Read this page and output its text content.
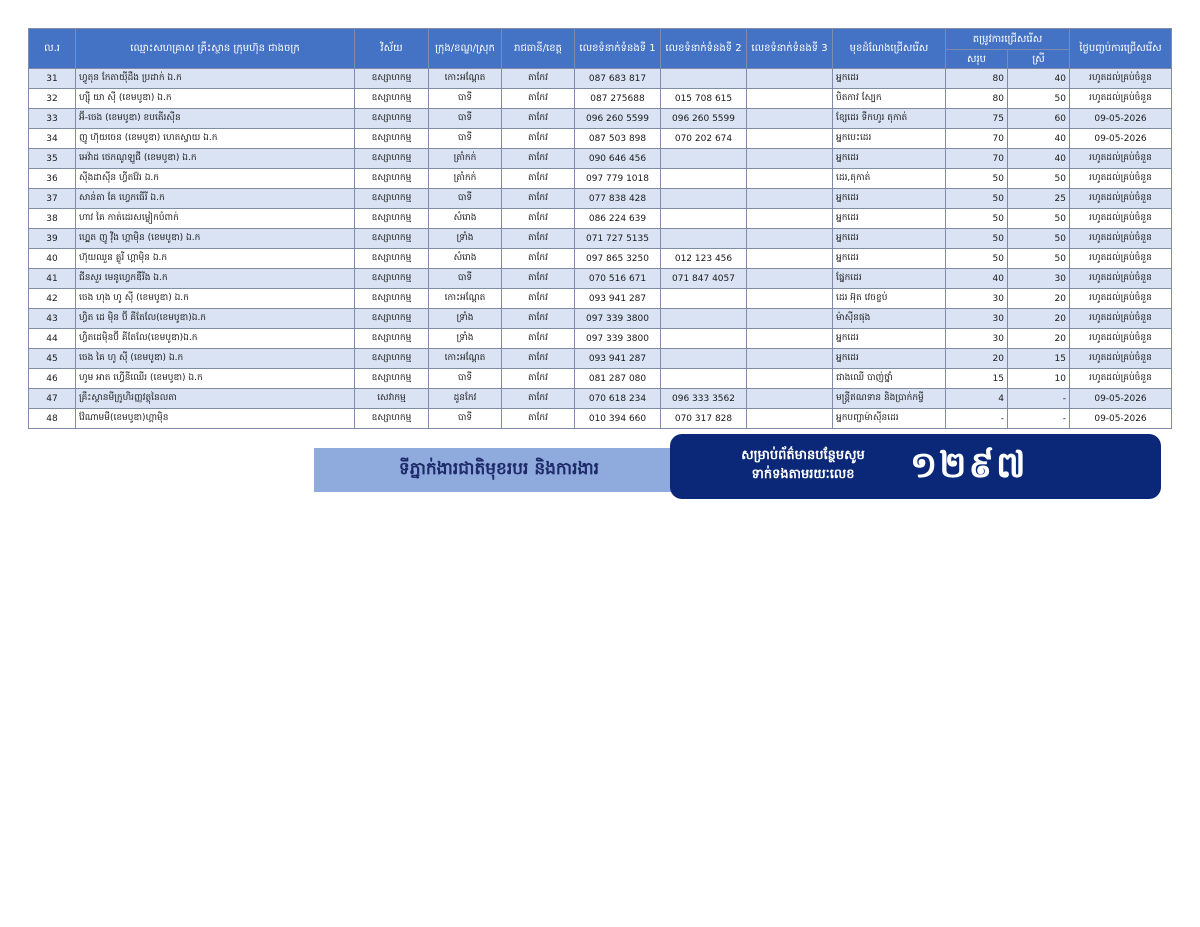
ល.រ	ឈ្មោះសហគ្រាស គ្រឹះស្ថាន ក្រុមហ៊ុន ជាងចក្រ	វិស័យ	ក្រុង/ខណ្ឌ/ស្រុក	រាជធានី/ខេត្ត	លេខទំនាក់ទំនងទី 1	លេខទំនាក់ទំនងទី 2	លេខទំនាក់ទំនងទី 3	មុខដំណែងជ្រើសរើស	តម្រូវការជ្រើសរើស		ថ្ងៃបញ្ចប់ការជ្រើសរើស
									សរុប	ស្រី	
31	ហ្វូតុន កែតាយ៉ីដឹង ប្រដាក់ ឯ.ក	ឧស្សាហកម្ម	កោះអណ្តែត	តាកែវ	087 683 817			អ្នកដេរ	80	40	រហូតដល់គ្រប់ចំនួន
32	ហ្ស៊ី យា ស៊ី (ខេមបូឌា) ឯ.ក	ឧស្សាហកម្ម	បាទី	តាកែវ	087 275688	015 708 615		បិតកាវ ស្បែក	80	50	រហូតដល់គ្រប់ចំនួន
33	អ៊ី-ចេង (ខេមបូឌា) ខបតើរស៊ីន	ឧស្សាហកម្ម	បាទី	តាកែវ	096 260 5599	096 260 5599		ខ្សែដេរ ទឹកហូរ តុកាត់	75	60	09-05-2026
34	ញូ ហ៊ុយចេន (ខេមបូឌា) ហេតស្វាយ ឯ.ក	ឧស្សាហកម្ម	បាទី	តាកែវ	087 503 898	070 202 674		អ្នកបេះដេរ	70	40	09-05-2026
35	អេវ៉ាដ ថេកណូឡូជី (ខេមបូឌា) ឯ.ក	ឧស្សាហកម្ម	ត្រាំកក់	តាកែវ	090 646 456			អ្នកដេរ	70	40	រហូតដល់គ្រប់ចំនួន
36	ស៊ីងដាស៊ីន ហ្វីតវ៉ែរ ឯ.ក	ឧស្សាហកម្ម	ត្រាំកក់	តាកែវ	097 779 1018			ដេរ,តុកាត់	50	50	រហូតដល់គ្រប់ចំនួន
37	សាន់តា គែ ហ្វេកធើរី ឯ.ក	ឧស្សាហកម្ម	បាទី	តាកែវ	077 838 428			អ្នកដេរ	50	25	រហូតដល់គ្រប់ចំនួន
38	ហាវ គៃ កាត់ដេរសម្លៀកបំពាក់	ឧស្សាហកម្ម	សំរោង	តាកែវ	086 224 639			អ្នកដេរ	50	50	រហូតដល់គ្រប់ចំនួន
39	ហ្គ្លេត ញូ វ៉ីង ហ្គាម៉ិន (ខេមបូឌា) ឯ.ក	ឧស្សាហកម្ម	ទ្រាំង	តាកែវ	071 727 5135			អ្នកដេរ	50	50	រហូតដល់គ្រប់ចំនួន
40	ហ៊ុយឈួន គ្លូរី ហ្គាម៉ិន ឯ.ក	ឧស្សាហកម្ម	សំរោង	តាកែវ	097 865 3250	012 123 456		អ្នកដេរ	50	50	រហូតដល់គ្រប់ចំនួន
41	ជីនសួរ មេនូហ្វេកឌឺរីង ឯ.ក	ឧស្សាហកម្ម	បាទី	តាកែវ	070 516 671	071 847 4057		ផ្នែកដេរ	40	30	រហូតដល់គ្រប់ចំនួន
42	ចេង ហុង ហូ ស៊ី (ខេមបូឌា) ឯ.ក	ឧស្សាហកម្ម	កោះអណ្តែត	តាកែវ	093 941 287			ដេរ អ៊ុត វេចខ្ចប់	30	20	រហូតដល់គ្រប់ចំនួន
43	ហ្វិត ដេ ម៉ិន ប៊ី គីតែលែ(ខេមបូឌា)ឯ.ក	ឧស្សាហកម្ម	ទ្រាំង	តាកែវ	097 339 3800			ម៉ាស៊ីនផុង	30	20	រហូតដល់គ្រប់ចំនួន
44	ហ្វិតដេម៉ិនប៊ី គីតែលែ(ខេមបូឌា)ឯ.ក	ឧស្សាហកម្ម	ទ្រាំង	តាកែវ	097 339 3800			អ្នកដេរ	30	20	រហូតដល់គ្រប់ចំនួន
45	ចេង គៃ ហូ ស៊ី (ខេមបូឌា) ឯ.ក	ឧស្សាហកម្ម	កោះអណ្តែត	តាកែវ	093 941 287			អ្នកដេរ	20	15	រហូតដល់គ្រប់ចំនួន
46	ហូម អាត ហ្វើនីឈើរ (ខេមបូឌា) ឯ.ក	ឧស្សាហកម្ម	បាទី	តាកែវ	081 287 080			ជាងឈើ បាញ់ថ្នាំ	15	10	រហូតដល់គ្រប់ចំនួន
47	គ្រឹះស្ថានមីក្រូហិរញ្ញវត្ថុនៃលតា	សេវាកម្ម	ដូនកែវ	តាកែវ	070 618 234	096 333 3562		មន្ត្រីឥណទាន និងប្រាក់កម្ចី	4	-	09-05-2026
48	វ៉ែណាមមី(ខេមបូឌា)ហ្គាម៉ិន	ឧស្សាហកម្ម	បាទី	តាកែវ	010 394 660	070 317 828		អ្នកបញ្ជាម៉ាស៊ីនដេរ	-	-	09-05-2026
ទីភ្នាក់ងារជាតិមុខរបរ និងការងារ
សម្រាប់ព័ត៌មានបន្ថែមសូម
ទាក់ទងតាមរយៈលេខ	១២៩៧
